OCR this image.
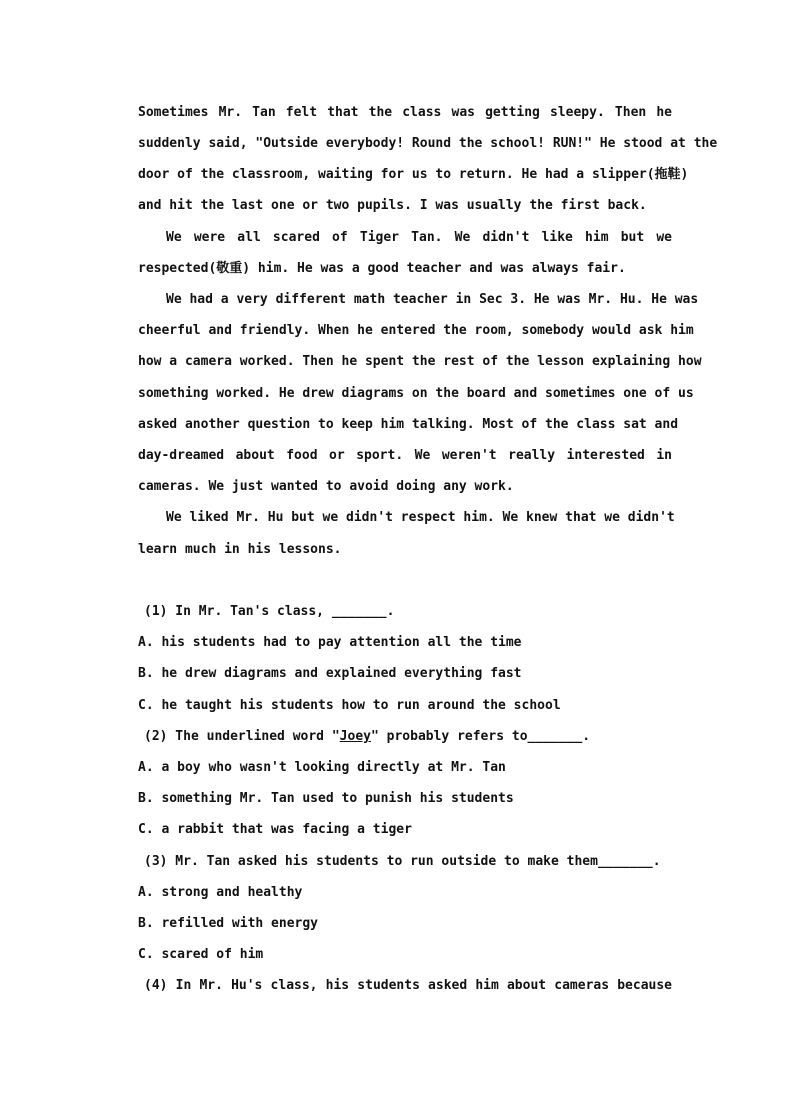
Sometimes Mr. Tan felt that the class was getting sleepy. Then he
suddenly said, "Outside everybody! Round the school! RUN!" He stood at the
door of the classroom, waiting for us to return. He had a slipper(拖鞋)
and hit the last one or two pupils. I was usually the first back.
We were all scared of Tiger Tan. We didn't like him but we
respected(敬重) him. He was a good teacher and was always fair.
We had a very different math teacher in Sec 3. He was Mr. Hu. He was
cheerful and friendly. When he entered the room, somebody would ask him
how a camera worked. Then he spent the rest of the lesson explaining how
something worked. He drew diagrams on the board and sometimes one of us
asked another question to keep him talking. Most of the class sat and
day-dreamed about food or sport. We weren't really interested in
cameras. We just wanted to avoid doing any work.
We liked Mr. Hu but we didn't respect him. We knew that we didn't
learn much in his lessons.
(1) In Mr. Tan's class, _______.
A. his students had to pay attention all the time
B. he drew diagrams and explained everything fast
C. he taught his students how to run around the school
(2) The underlined word "Joey" probably refers to_______.
A. a boy who wasn't looking directly at Mr. Tan
B. something Mr. Tan used to punish his students
C. a rabbit that was facing a tiger
(3) Mr. Tan asked his students to run outside to make them_______.
A. strong and healthy
B. refilled with energy
C. scared of him
(4) In Mr. Hu's class, his students asked him about cameras because
